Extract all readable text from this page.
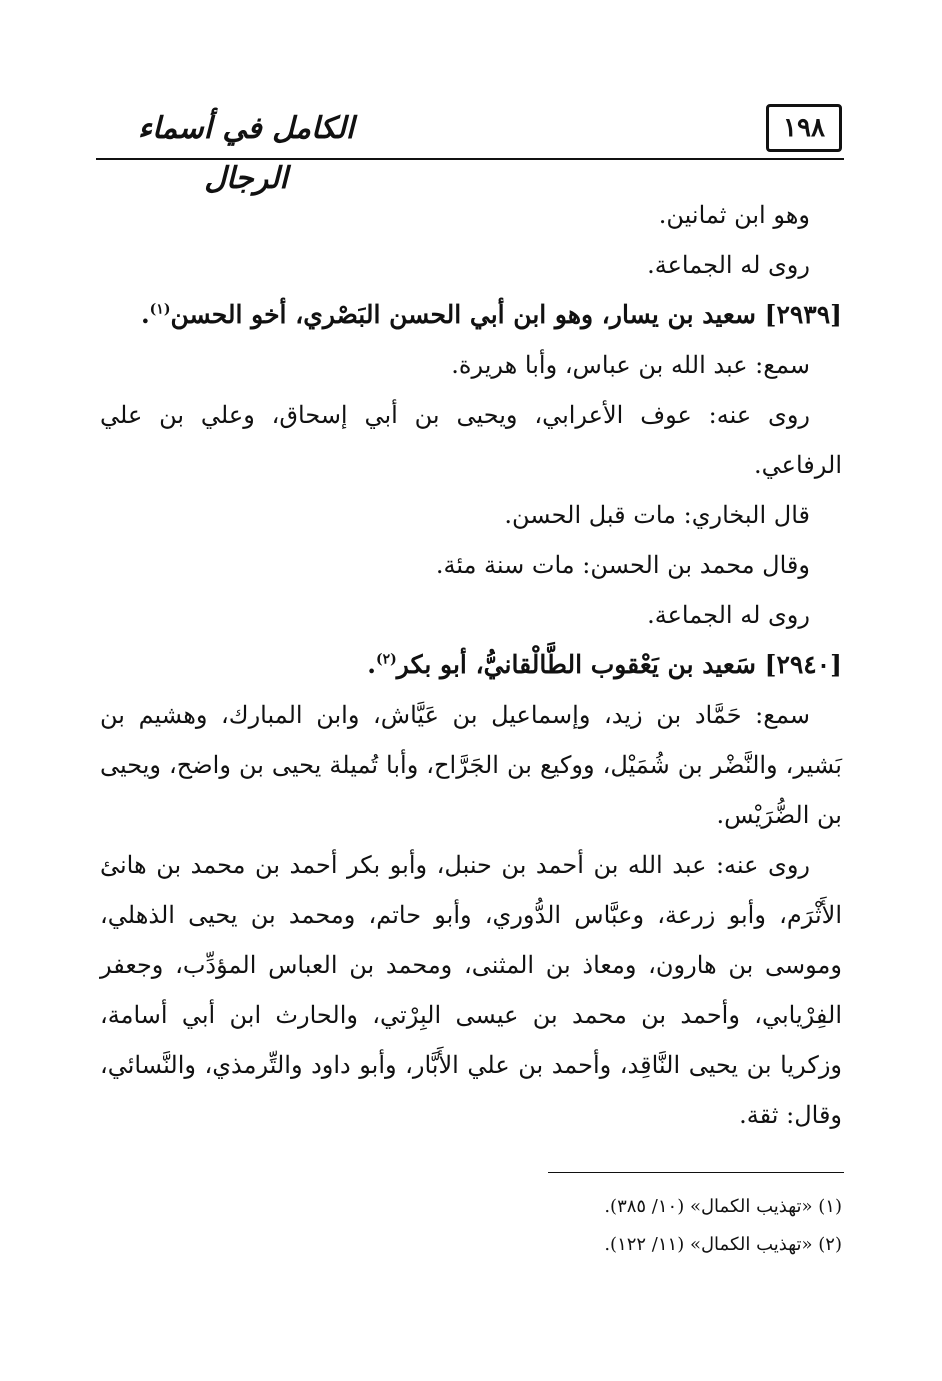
١٩٨
الكامل في أسماء الرجال

وهو ابن ثمانين.

روى له الجماعة.

[٢٩٣٩] سعيد بن يسار، وهو ابن أبي الحسن البَصْري، أخو الحسن$^{(١)}$.

سمع: عبد الله بن عباس، وأبا هريرة.

روى عنه: عوف الأعرابي، ويحيى بن أبي إسحاق، وعلي بن علي الرفاعي.

قال البخاري: مات قبل الحسن.

وقال محمد بن الحسن: مات سنة مئة.

روى له الجماعة.

[٢٩٤٠] سَعيد بن يَعْقوب الطَّالْقانيُّ، أبو بكر$^{(٢)}$.

سمع: حَمَّاد بن زيد، وإسماعيل بن عَيَّاش، وابن المبارك، وهشيم بن بَشير، والنَّضْر بن شُمَيْل، ووكيع بن الجَرَّاح، وأبا تُميلة يحيى بن واضح، ويحيى بن الضُّرَيْس.

روى عنه: عبد الله بن أحمد بن حنبل، وأبو بكر أحمد بن محمد بن هانئ الأَثْرَم، وأبو زرعة، وعبَّاس الدُّوري، وأبو حاتم، ومحمد بن يحيى الذهلي، وموسى بن هارون، ومعاذ بن المثنى، ومحمد بن العباس المؤدِّب، وجعفر الفِرْيابي، وأحمد بن محمد بن عيسى البِرْتي، والحارث ابن أبي أسامة، وزكريا بن يحيى النَّاقِد، وأحمد بن علي الأَبَّار، وأبو داود والتِّرمذي، والنَّسائي، وقال: ثقة.

(١) «تهذيب الكمال» (١٠/ ٣٨٥).

(٢) «تهذيب الكمال» (١١/ ١٢٢).
